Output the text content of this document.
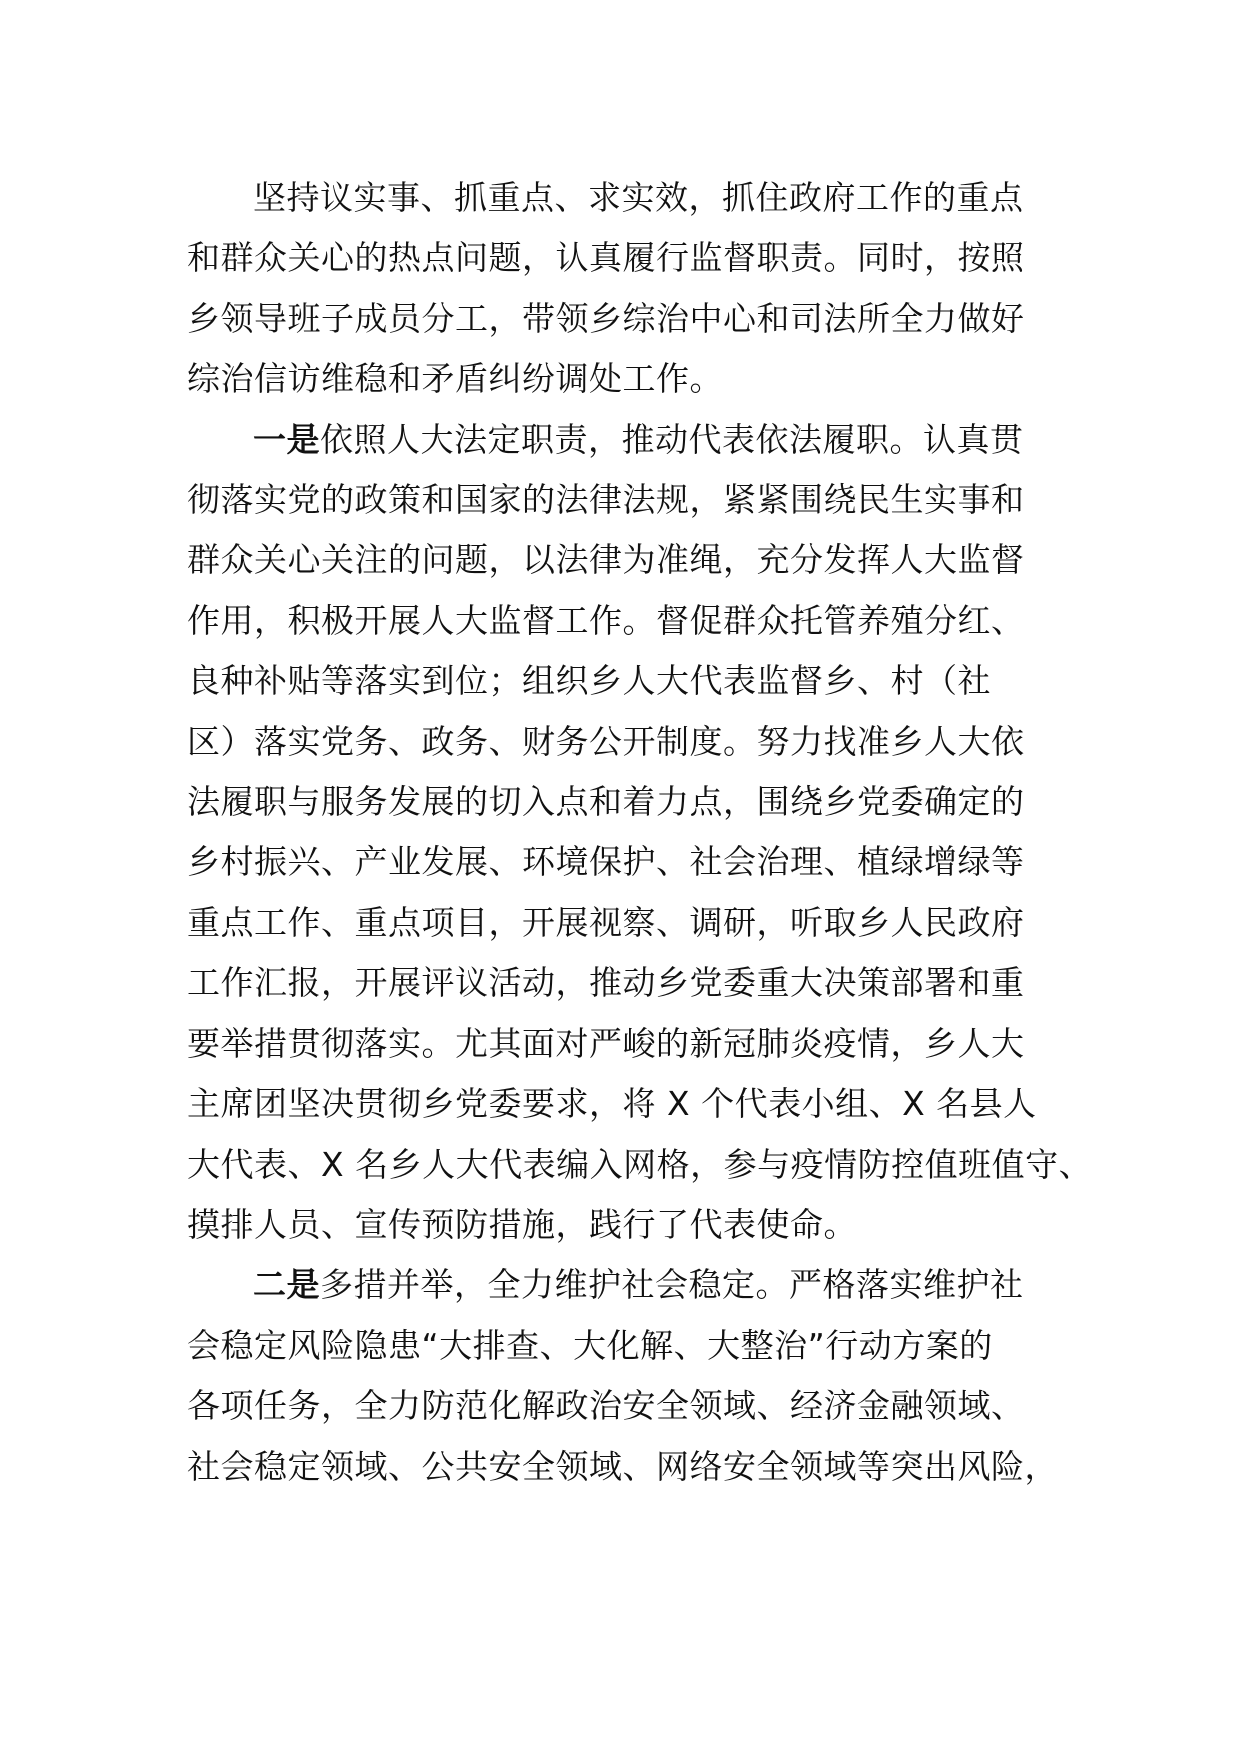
坚持议实事、抓重点、求实效，抓住政府工作的重点
和群众关心的热点问题，认真履行监督职责。同时，按照
乡领导班子成员分工，带领乡综治中心和司法所全力做好
综治信访维稳和矛盾纠纷调处工作。

一是依照人大法定职责，推动代表依法履职。认真贯
彻落实党的政策和国家的法律法规，紧紧围绕民生实事和
群众关心关注的问题，以法律为准绳，充分发挥人大监督
作用，积极开展人大监督工作。督促群众托管养殖分红、
良种补贴等落实到位；组织乡人大代表监督乡、村（社
区）落实党务、政务、财务公开制度。努力找准乡人大依
法履职与服务发展的切入点和着力点，围绕乡党委确定的
乡村振兴、产业发展、环境保护、社会治理、植绿增绿等
重点工作、重点项目，开展视察、调研，听取乡人民政府
工作汇报，开展评议活动，推动乡党委重大决策部署和重
要举措贯彻落实。尤其面对严峻的新冠肺炎疫情，乡人大
主席团坚决贯彻乡党委要求，将 X 个代表小组、X 名县人
大代表、X 名乡人大代表编入网格，参与疫情防控值班值守、
摸排人员、宣传预防措施，践行了代表使命。

二是多措并举，全力维护社会稳定。严格落实维护社
会稳定风险隐患“大排查、大化解、大整治”行动方案的
各项任务，全力防范化解政治安全领域、经济金融领域、
社会稳定领域、公共安全领域、网络安全领域等突出风险，
